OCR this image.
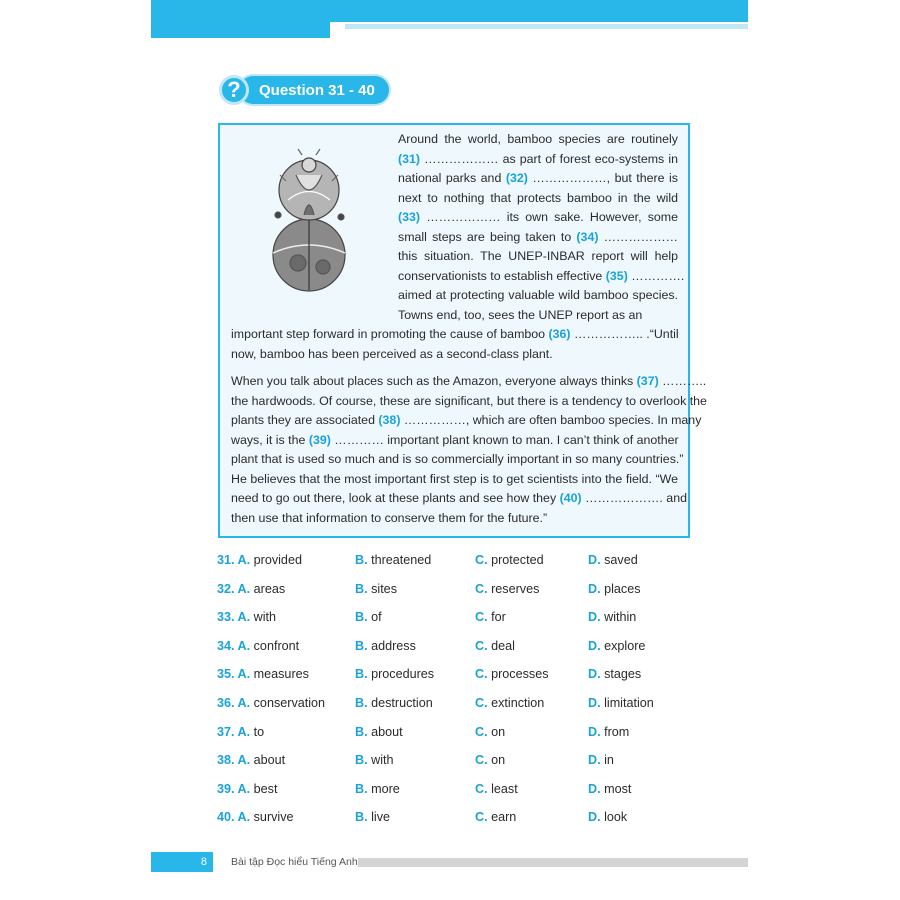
?	Question 31 - 40
Around the world, bamboo species are routinely
(31) ……………… as part of forest eco-systems in
national parks and (32) ………………, but there is
next to nothing that protects bamboo in the wild
(33) ……………… its own sake. However, some
small steps are being taken to (34) ………………
this situation. The UNEP-INBAR report will help
conservationists to establish effective (35) ………….
aimed at protecting valuable wild bamboo species.
Towns end, too, sees the UNEP report as an
important step forward in promoting the cause of bamboo (36) …………….. .“Until
now, bamboo has been perceived as a second-class plant.
When you talk about places such as the Amazon, everyone always thinks (37) ………..
the hardwoods. Of course, these are significant, but there is a tendency to overlook the
plants they are associated (38) ……………, which are often bamboo species. In many
ways, it is the (39) ………… important plant known to man. I can’t think of another
plant that is used so much and is so commercially important in so many countries.”
He believes that the most important first step is to get scientists into the field. “We
need to go out there, look at these plants and see how they (40) ………………. and
then use that information to conserve them for the future.”
31. A. provided	B. threatened	C. protected	D. saved
32. A. areas	B. sites	C. reserves	D. places
33. A. with	B. of	C. for	D. within
34. A. confront	B. address	C. deal	D. explore
35. A. measures	B. procedures	C. processes	D. stages
36. A. conservation B. destruction	C. extinction	D. limitation
37. A. to	B. about	C. on	D. from
38. A. about	B. with	C. on	D. in
39. A. best	B. more	C. least	D. most
40. A. survive	B. live	C. earn	D. look
8	Bài tập Đọc hiểu Tiếng Anh
